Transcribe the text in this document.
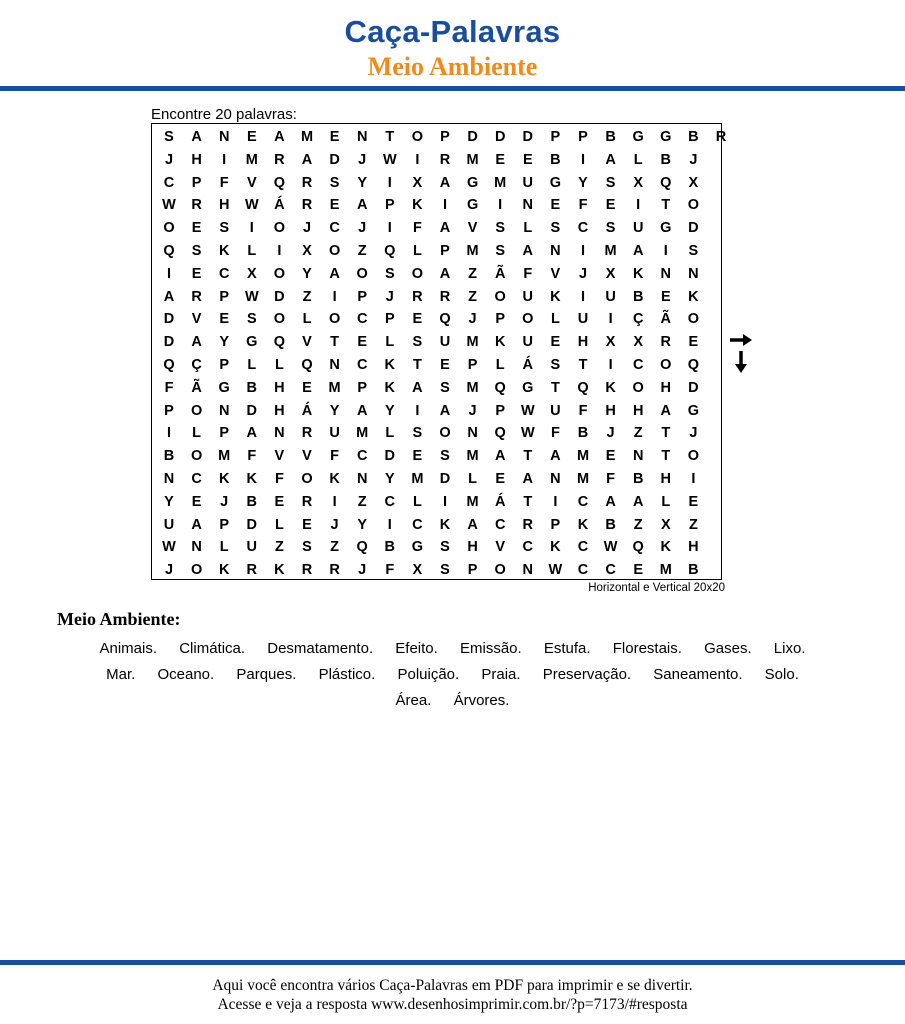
Caça-Palavras
Meio Ambiente
Encontre 20 palavras:
S	A	N	E	A	M	E	N	T	O	P	D	D	D	P	P	B	G	G	B	R
J	H	I	M	R	A	D	J	W	I	R	M	E	E	B	I	A	L	B	J
C	P	F	V	Q	R	S	Y	I	X	A	G	M	U	G	Y	S	X	Q	X
W	R	H	W	Á	R	E	A	P	K	I	G	I	N	E	F	E	I	T	O
O	E	S	I	O	J	C	J	I	F	A	V	S	L	S	C	S	U	G	D
Q	S	K	L	I	X	O	Z	Q	L	P	M	S	A	N	I	M	A	I	S
I	E	C	X	O	Y	A	O	S	O	A	Z	Ã	F	V	J	X	K	N	N
A	R	P	W	D	Z	I	P	J	R	R	Z	O	U	K	I	U	B	E	K
D	V	E	S	O	L	O	C	P	E	Q	J	P	O	L	U	I	Ç	Ã	O
D	A	Y	G	Q	V	T	E	L	S	U	M	K	U	E	H	X	X	R	E
Q	Ç	P	L	L	Q	N	C	K	T	E	P	L	Á	S	T	I	C	O	Q
F	Ã	G	B	H	E	M	P	K	A	S	M	Q	G	T	Q	K	O	H	D
P	O	N	D	H	Á	Y	A	Y	I	A	J	P	W	U	F	H	H	A	G
I	L	P	A	N	R	U	M	L	S	O	N	Q	W	F	B	J	Z	T	J
B	O	M	F	V	V	F	C	D	E	S	M	A	T	A	M	E	N	T	O
N	C	K	K	F	O	K	N	Y	M	D	L	E	A	N	M	F	B	H	I
Y	E	J	B	E	R	I	Z	C	L	I	M	Á	T	I	C	A	A	L	E
U	A	P	D	L	E	J	Y	I	C	K	A	C	R	P	K	B	Z	X	Z
W	N	L	U	Z	S	Z	Q	B	G	S	H	V	C	K	C	W	Q	K	H
J	O	K	R	K	R	R	J	F	X	S	P	O	N	W	C	C	E	M	B
Horizontal e Vertical 20x20
Meio Ambiente:
Animais. Climática. Desmatamento. Efeito. Emissão. Estufa. Florestais. Gases. Lixo.
Mar. Oceano. Parques. Plástico. Poluição. Praia. Preservação. Saneamento. Solo.
Área. Árvores.
Aqui você encontra vários Caça-Palavras em PDF para imprimir e se divertir.
Acesse e veja a resposta www.desenhosimprimir.com.br/?p=7173/#resposta
